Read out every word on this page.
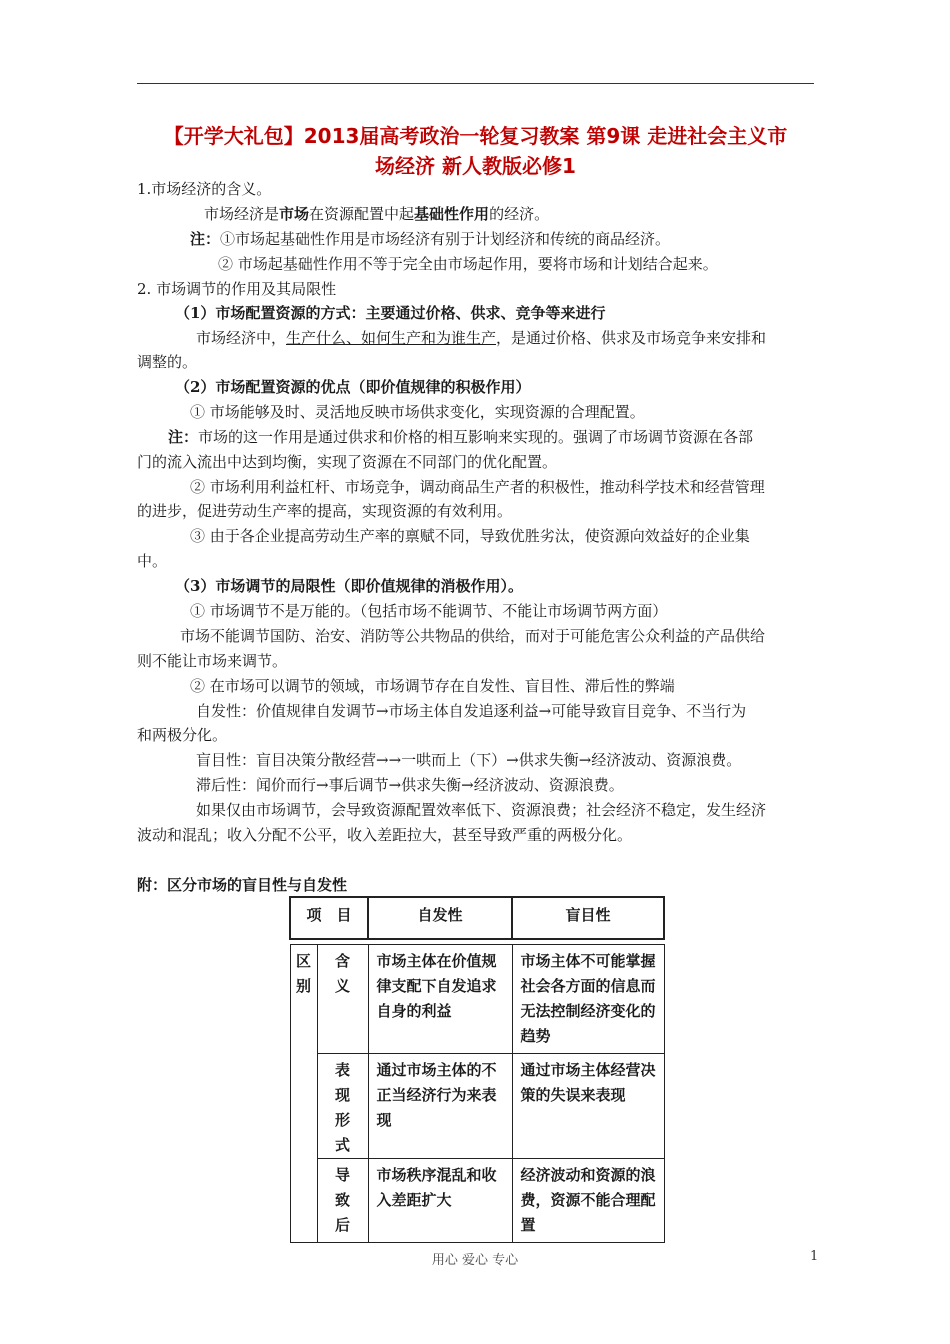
【开学大礼包】2013届高考政治一轮复习教案 第9课 走进社会主义市
场经济 新人教版必修1
1.市场经济的含义。
市场经济是市场在资源配置中起基础性作用的经济。
注：①市场起基础性作用是市场经济有别于计划经济和传统的商品经济。
② 市场起基础性作用不等于完全由市场起作用，要将市场和计划结合起来。
2. 市场调节的作用及其局限性
（1）市场配置资源的方式：主要通过价格、供求、竞争等来进行
市场经济中，生产什么、如何生产和为谁生产，是通过价格、供求及市场竞争来安排和
调整的。
（2）市场配置资源的优点（即价值规律的积极作用）
① 市场能够及时、灵活地反映市场供求变化，实现资源的合理配置。
注：市场的这一作用是通过供求和价格的相互影响来实现的。强调了市场调节资源在各部
门的流入流出中达到均衡，实现了资源在不同部门的优化配置。
② 市场利用利益杠杆、市场竞争，调动商品生产者的积极性，推动科学技术和经营管理
的进步，促进劳动生产率的提高，实现资源的有效利用。
③ 由于各企业提高劳动生产率的禀赋不同，导致优胜劣汰，使资源向效益好的企业集
中。
（3）市场调节的局限性（即价值规律的消极作用）。
① 市场调节不是万能的。（包括市场不能调节、不能让市场调节两方面）
市场不能调节国防、治安、消防等公共物品的供给，而对于可能危害公众利益的产品供给
则不能让市场来调节。
② 在市场可以调节的领域，市场调节存在自发性、盲目性、滞后性的弊端
自发性：价值规律自发调节→市场主体自发追逐利益→可能导致盲目竞争、不当行为
和两极分化。
盲目性：盲目决策分散经营→→一哄而上（下）→供求失衡→经济波动、资源浪费。
滞后性：闻价而行→事后调节→供求失衡→经济波动、资源浪费。
如果仅由市场调节，会导致资源配置效率低下、资源浪费；社会经济不稳定，发生经济
波动和混乱；收入分配不公平，收入差距拉大，甚至导致严重的两极分化。
附：区分市场的盲目性与自发性
项　目		自发性	盲目性

区别	含义	市场主体在价值规律支配下自发追求自身的利益	市场主体不可能掌握社会各方面的信息而无法控制经济变化的趋势

	表现形式	通过市场主体的不正当经济行为来表现	通过市场主体经营决策的失误来表现

	导致后	市场秩序混乱和收入差距扩大	经济波动和资源的浪费，资源不能合理配置
用心 爱心 专心	1
